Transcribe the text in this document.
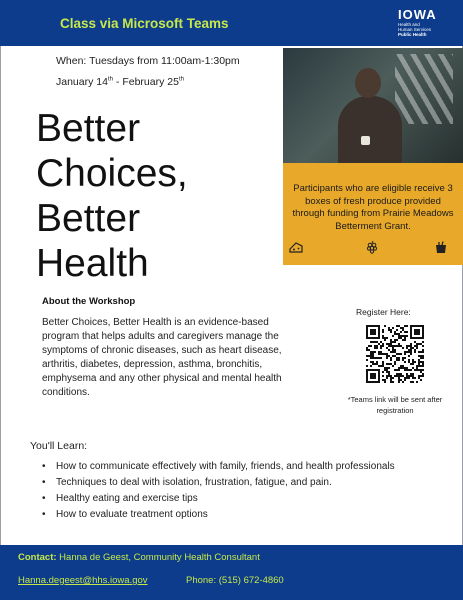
Class via Microsoft Teams
IOWA
Health and
Human Services
Public Health
When: Tuesdays from 11:00am-1:30pm
January 14th - February 25th
Participants who are eligible receive 3 boxes of fresh produce provided through funding from Prairie Meadows Betterment Grant.
Better
Choices,
Better
Health
About the Workshop
Better Choices, Better Health is an evidence-based program that helps adults and caregivers manage the symptoms of chronic diseases, such as heart disease, arthritis, diabetes, depression, asthma, bronchitis, emphysema and any other physical and mental health conditions.
Register Here:
*Teams link will be sent after registration
You'll Learn:
• How to communicate effectively with family, friends, and health professionals
• Techniques to deal with isolation, frustration, fatigue, and pain.
• Healthy eating and exercise tips
• How to evaluate treatment options
Contact: Hanna de Geest, Community Health Consultant
Hanna.degeest@hhs.iowa.gov	Phone: (515) 672-4860
